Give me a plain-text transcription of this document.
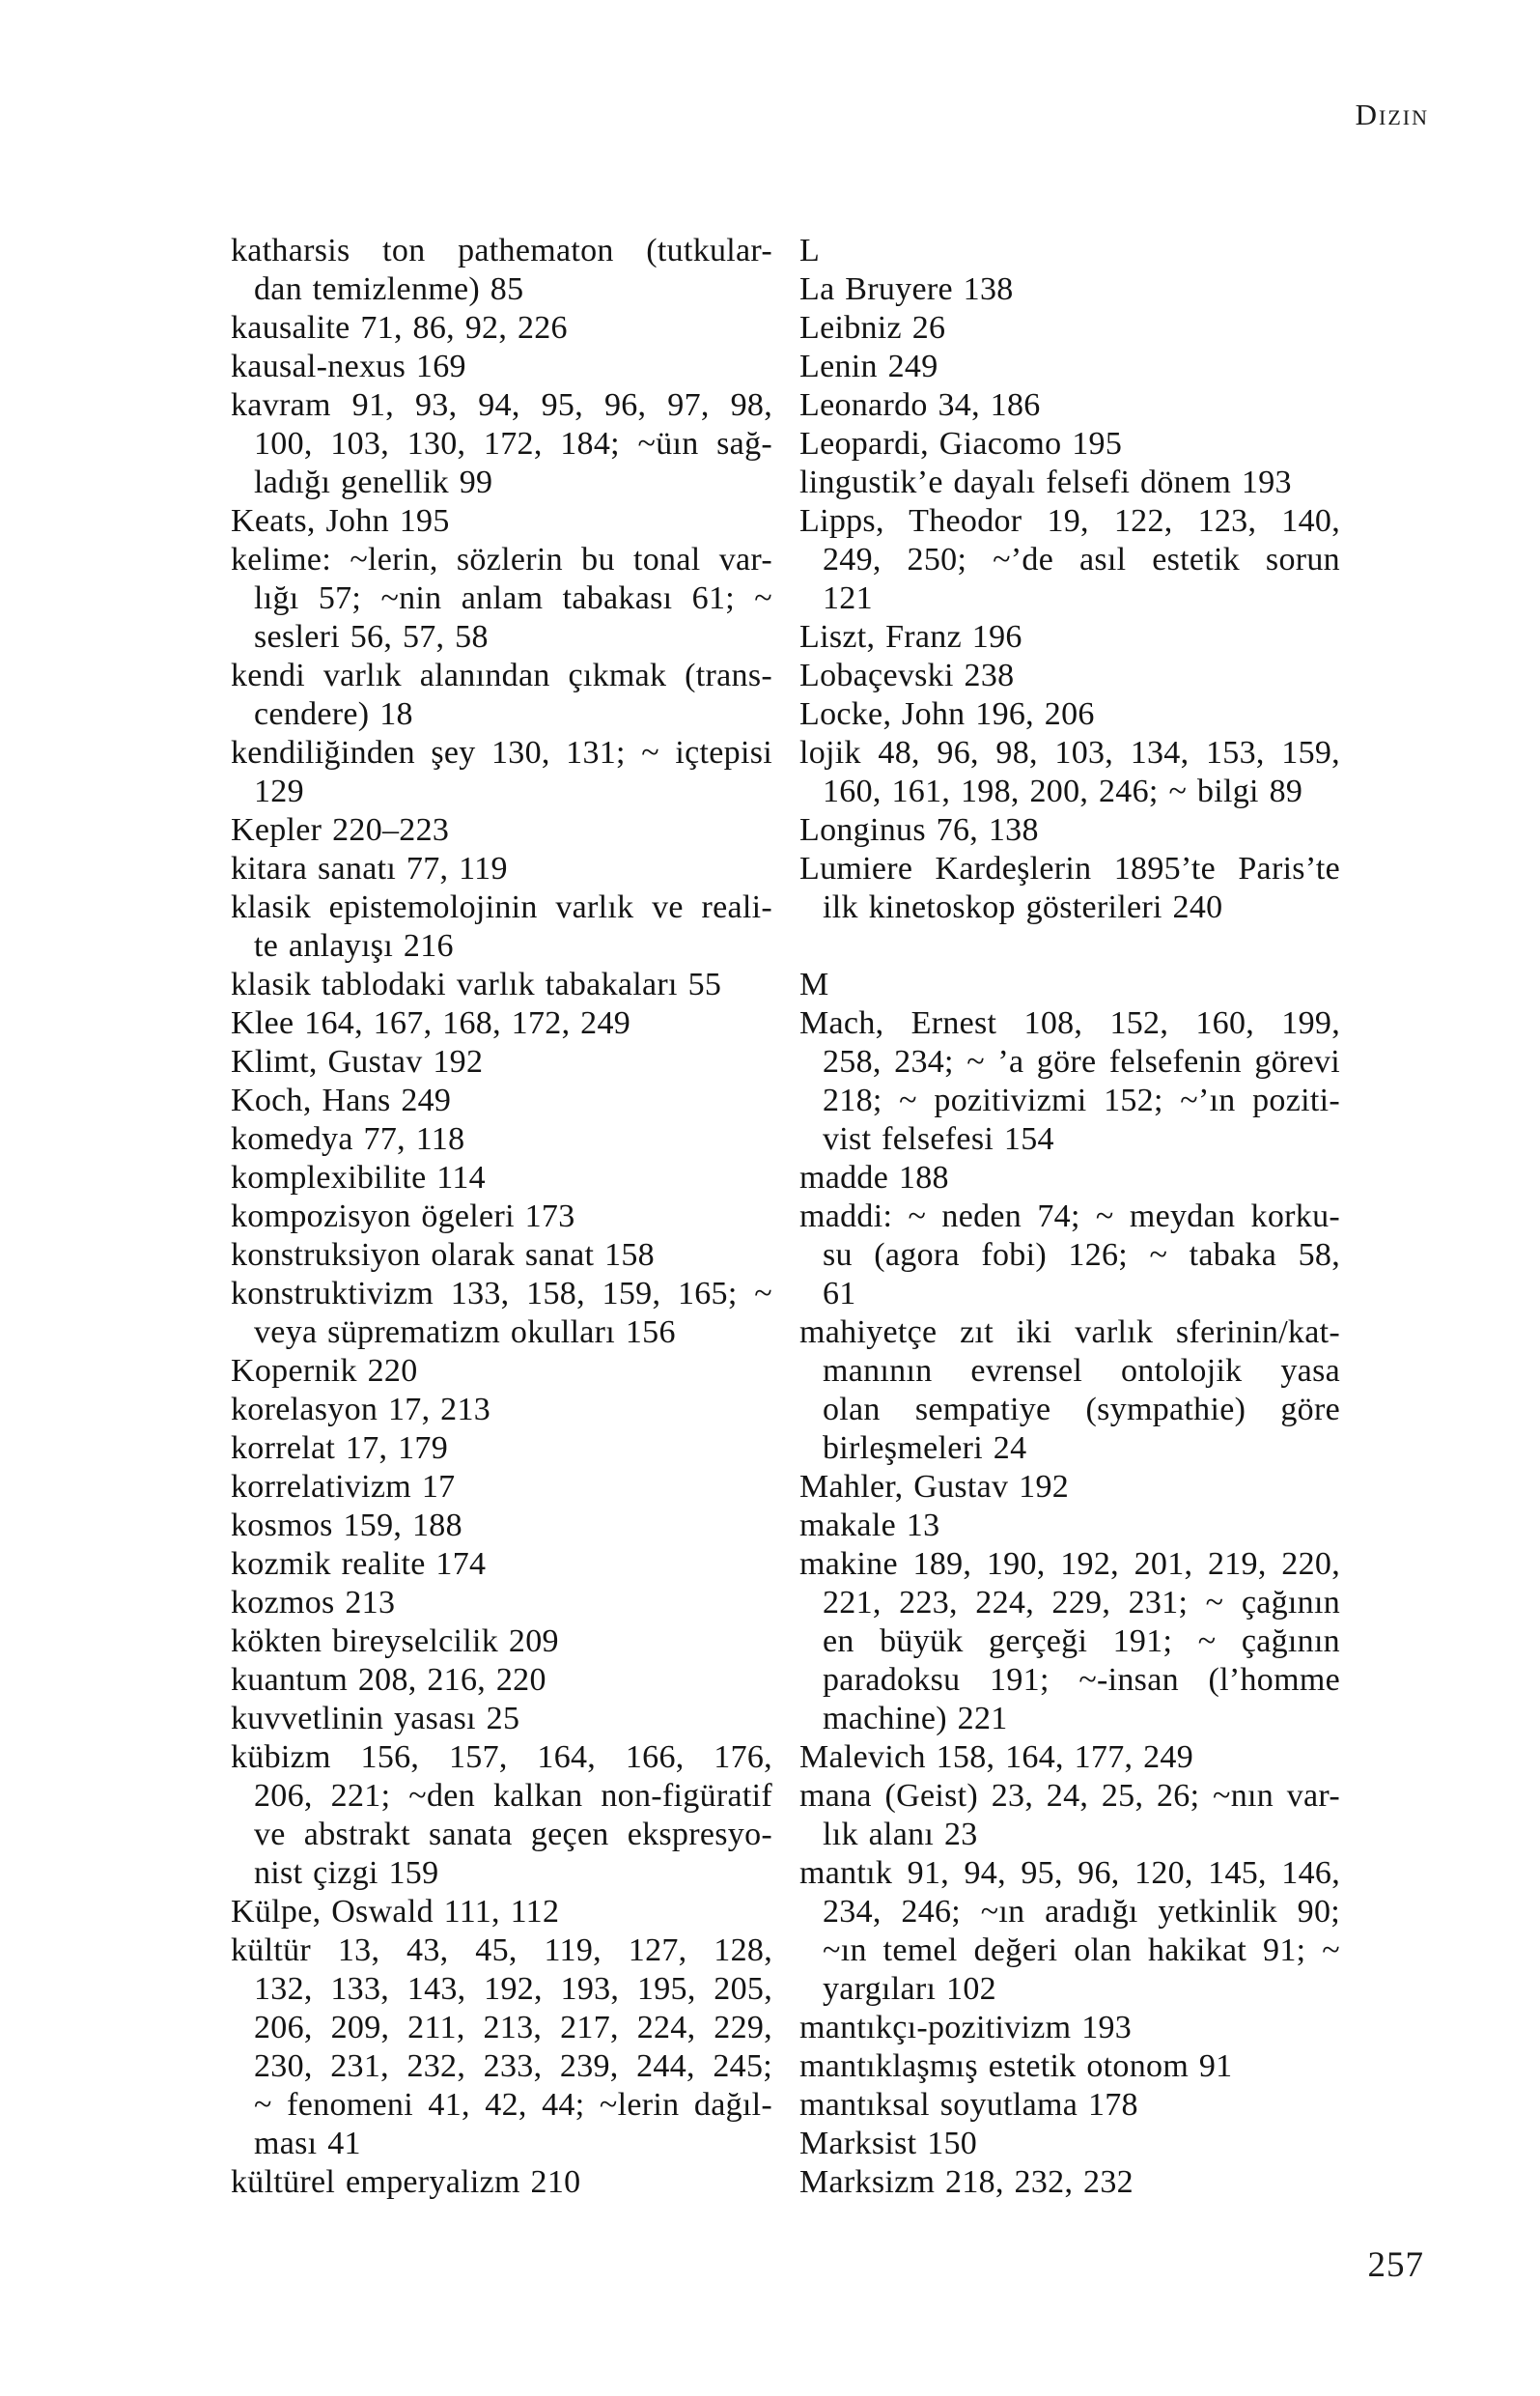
Dizin
katharsis ton pathematon (tutkular-
dan temizlenme) 85
kausalite 71, 86, 92, 226
kausal-nexus 169
kavram 91, 93, 94, 95, 96, 97, 98,
100, 103, 130, 172, 184; ~üın sağ-
ladığı genellik 99
Keats, John 195
kelime: ~lerin, sözlerin bu tonal var-
lığı 57; ~nin anlam tabakası 61; ~
sesleri 56, 57, 58
kendi varlık alanından çıkmak (trans-
cendere) 18
kendiliğinden şey 130, 131; ~ içtepisi
129
Kepler 220–223
kitara sanatı 77, 119
klasik epistemolojinin varlık ve reali-
te anlayışı 216
klasik tablodaki varlık tabakaları 55
Klee 164, 167, 168, 172, 249
Klimt, Gustav 192
Koch, Hans 249
komedya 77, 118
komplexibilite 114
kompozisyon ögeleri 173
konstruksiyon olarak sanat 158
konstruktivizm 133, 158, 159, 165; ~
veya süprematizm okulları 156
Kopernik 220
korelasyon 17, 213
korrelat 17, 179
korrelativizm 17
kosmos 159, 188
kozmik realite 174
kozmos 213
kökten bireyselcilik 209
kuantum 208, 216, 220
kuvvetlinin yasası 25
kübizm 156, 157, 164, 166, 176,
206, 221; ~den kalkan non-figüratif
ve abstrakt sanata geçen ekspresyo-
nist çizgi 159
Külpe, Oswald 111, 112
kültür 13, 43, 45, 119, 127, 128,
132, 133, 143, 192, 193, 195, 205,
206, 209, 211, 213, 217, 224, 229,
230, 231, 232, 233, 239, 244, 245;
~ fenomeni 41, 42, 44; ~lerin dağıl-
ması 41
kültürel emperyalizm 210
L
La Bruyere 138
Leibniz 26
Lenin 249
Leonardo 34, 186
Leopardi, Giacomo 195
lingustik’e dayalı felsefi dönem 193
Lipps, Theodor 19, 122, 123, 140,
249, 250; ~’de asıl estetik sorun
121
Liszt, Franz 196
Lobaçevski 238
Locke, John 196, 206
lojik 48, 96, 98, 103, 134, 153, 159,
160, 161, 198, 200, 246; ~ bilgi 89
Longinus 76, 138
Lumiere Kardeşlerin 1895’te Paris’te
ilk kinetoskop gösterileri 240
M
Mach, Ernest 108, 152, 160, 199,
258, 234; ~ ’a göre felsefenin görevi
218; ~ pozitivizmi 152; ~’ın poziti-
vist felsefesi 154
madde 188
maddi: ~ neden 74; ~ meydan korku-
su (agora fobi) 126; ~ tabaka 58,
61
mahiyetçe zıt iki varlık sferinin/kat-
manının evrensel ontolojik yasa
olan sempatiye (sympathie) göre
birleşmeleri 24
Mahler, Gustav 192
makale 13
makine 189, 190, 192, 201, 219, 220,
221, 223, 224, 229, 231; ~ çağının
en büyük gerçeği 191; ~ çağının
paradoksu 191; ~-insan (l’homme
machine) 221
Malevich 158, 164, 177, 249
mana (Geist) 23, 24, 25, 26; ~nın var-
lık alanı 23
mantık 91, 94, 95, 96, 120, 145, 146,
234, 246; ~ın aradığı yetkinlik 90;
~ın temel değeri olan hakikat 91; ~
yargıları 102
mantıkçı-pozitivizm 193
mantıklaşmış estetik otonom 91
mantıksal soyutlama 178
Marksist 150
Marksizm 218, 232, 232
257
